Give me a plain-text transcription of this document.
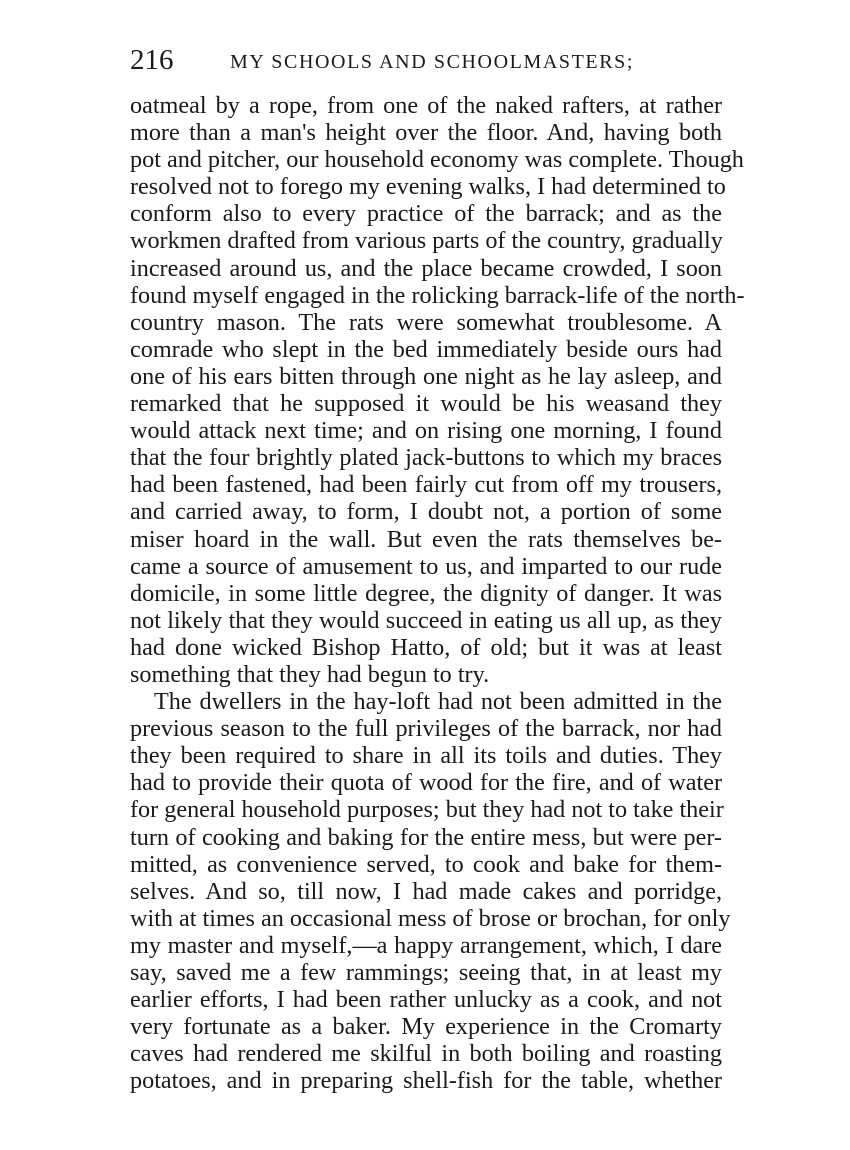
216	MY SCHOOLS AND SCHOOLMASTERS;
oatmeal by a rope, from one of the naked rafters, at rather
more than a man's height over the floor. And, having both
pot and pitcher, our household economy was complete. Though
resolved not to forego my evening walks, I had determined to
conform also to every practice of the barrack; and as the
workmen drafted from various parts of the country, gradually
increased around us, and the place became crowded, I soon
found myself engaged in the rolicking barrack-life of the north-
country mason. The rats were somewhat troublesome. A
comrade who slept in the bed immediately beside ours had
one of his ears bitten through one night as he lay asleep, and
remarked that he supposed it would be his weasand they
would attack next time; and on rising one morning, I found
that the four brightly plated jack-buttons to which my braces
had been fastened, had been fairly cut from off my trousers,
and carried away, to form, I doubt not, a portion of some
miser hoard in the wall. But even the rats themselves be-
came a source of amusement to us, and imparted to our rude
domicile, in some little degree, the dignity of danger. It was
not likely that they would succeed in eating us all up, as they
had done wicked Bishop Hatto, of old; but it was at least
something that they had begun to try.
The dwellers in the hay-loft had not been admitted in the
previous season to the full privileges of the barrack, nor had
they been required to share in all its toils and duties. They
had to provide their quota of wood for the fire, and of water
for general household purposes; but they had not to take their
turn of cooking and baking for the entire mess, but were per-
mitted, as convenience served, to cook and bake for them-
selves. And so, till now, I had made cakes and porridge,
with at times an occasional mess of brose or brochan, for only
my master and myself,—a happy arrangement, which, I dare
say, saved me a few rammings; seeing that, in at least my
earlier efforts, I had been rather unlucky as a cook, and not
very fortunate as a baker. My experience in the Cromarty
caves had rendered me skilful in both boiling and roasting
potatoes, and in preparing shell-fish for the table, whether
